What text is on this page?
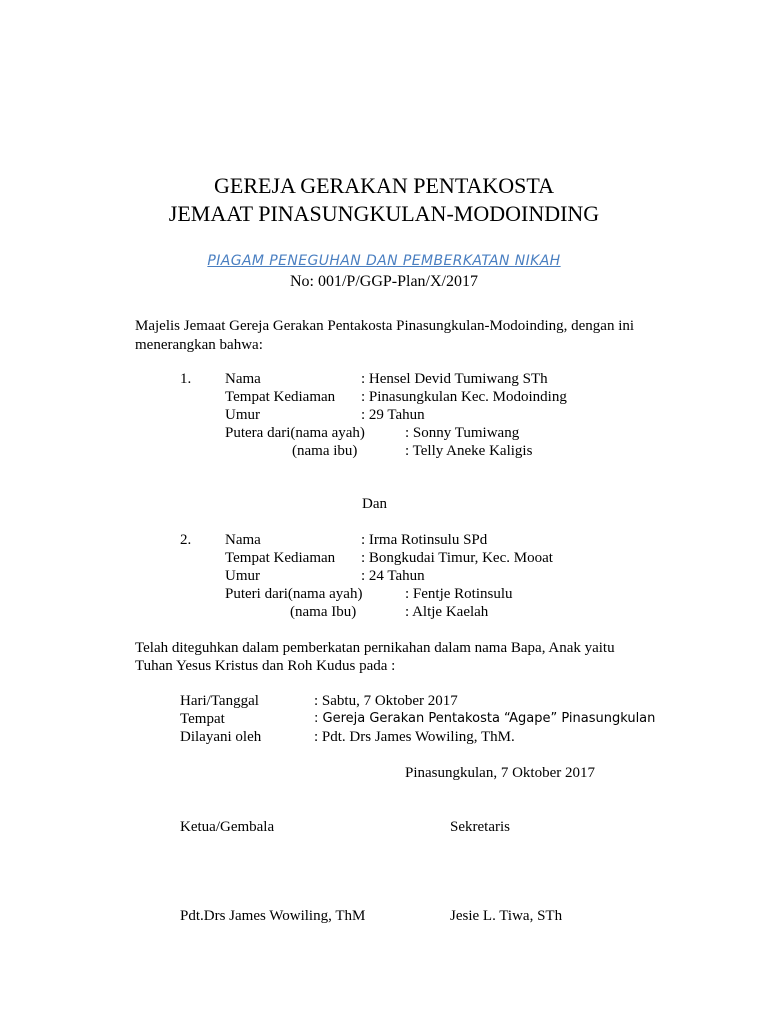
GEREJA GERAKAN PENTAKOSTA
JEMAAT PINASUNGKULAN-MODOINDING
PIAGAM PENEGUHAN DAN PEMBERKATAN NIKAH
No: 001/P/GGP-Plan/X/2017
Majelis Jemaat Gereja Gerakan Pentakosta Pinasungkulan-Modoinding, dengan ini
menerangkan bahwa:
1. Nama	: Hensel Devid Tumiwang STh
Tempat Kediaman : Pinasungkulan Kec. Modoinding
Umur	: 29 Tahun
Putera dari(nama ayah)	: Sonny Tumiwang
(nama ibu)	: Telly Aneke Kaligis
Dan
2. Nama	: Irma Rotinsulu SPd
Tempat Kediaman : Bongkudai Timur, Kec. Mooat
Umur	: 24 Tahun
Puteri dari(nama ayah)	: Fentje Rotinsulu
(nama Ibu)	: Altje Kaelah
Telah diteguhkan dalam pemberkatan pernikahan dalam nama Bapa, Anak yaitu
Tuhan Yesus Kristus dan Roh Kudus pada :
Hari/Tanggal	: Sabtu, 7 Oktober 2017
Tempat	: Gereja Gerakan Pentakosta “Agape” Pinasungkulan
Dilayani oleh	: Pdt. Drs James Wowiling, ThM.
Pinasungkulan, 7 Oktober 2017
Ketua/Gembala	Sekretaris
Pdt.Drs James Wowiling, ThM	Jesie L. Tiwa, STh
